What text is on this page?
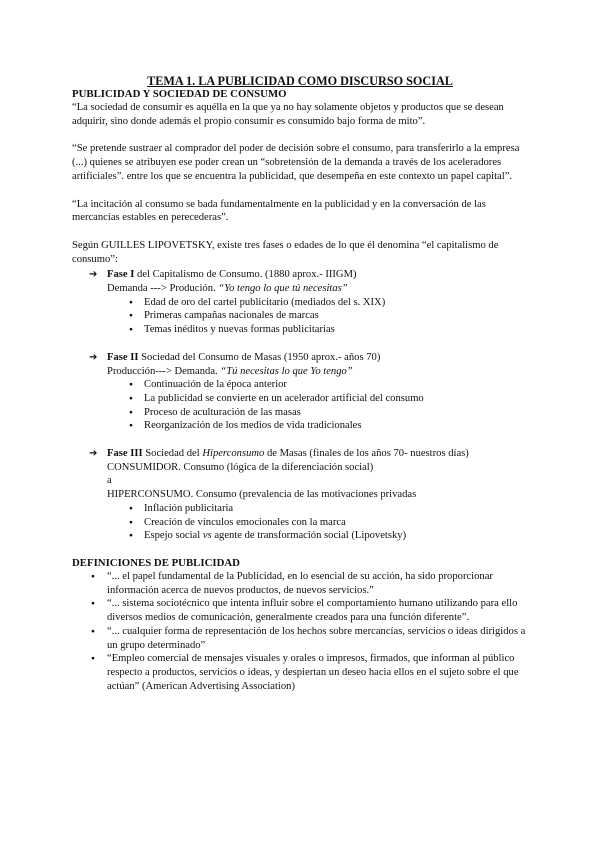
TEMA 1. LA PUBLICIDAD COMO DISCURSO SOCIAL

PUBLICIDAD Y SOCIEDAD DE CONSUMO

“La sociedad de consumir es aquélla en la que ya no hay solamente objetos y productos que se desean adquirir, sino donde además el propio consumir es consumido bajo forma de mito”.

“Se pretende sustraer al comprador del poder de decisión sobre el consumo, para transferirlo a la empresa (...) quienes se atribuyen ese poder crean un “sobretensión de la demanda a través de los aceleradores artificiales”. entre los que se encuentra la publicidad, que desempeña en este contexto un papel capital”.

“La incitación al consumo se bada fundamentalmente en la publicidad y en la conversación de las mercancías estables en perecederas”.

Según GUILLES LIPOVETSKY, existe tres fases o edades de lo que él denomina “el capitalismo de consumo”:

➔ Fase I del Capitalismo de Consumo. (1880 aprox.- IIIGM)

Demanda ---> Produción. “Yo tengo lo que tú necesitas”

● Edad de oro del cartel publicitario (mediados del s. XIX)
● Primeras campañas nacionales de marcas
● Temas inéditos y nuevas formas publicitarias

➔ Fase II Sociedad del Consumo de Masas (1950 aprox.- años 70)

Producción---> Demanda. “Tú necesitas lo que Yo tengo”

● Continuación de la época anterior
● La publicidad se convierte en un acelerador artificial del consumo
● Proceso de aculturación de las masas
● Reorganización de los medios de vida tradicionales

➔ Fase III Sociedad del Hiperconsumo de Masas (finales de los años 70- nuestros días)

CONSUMIDOR. Consumo (lógica de la diferenciación social)

a

HIPERCONSUMO. Consumo (prevalencia de las motivaciones privadas

● Inflación publicitaria
● Creación de vínculos emocionales con la marca
● Espejo social vs agente de transformación social (Lipovetsky)

DEFINICIONES DE PUBLICIDAD

● “... el papel fundamental de la Publicidad, en lo esencial de su acción, ha sido proporcionar información acerca de nuevos productos, de nuevos servicios.”
● “... sistema sociotécnico que intenta influir sobre el comportamiento humano utilizando para ello diversos medios de comunicación, generalmente creados para una función diferente”.
● “... cualquier forma de representación de los hechos sobre mercancías, servicios o ideas dirigidos a un grupo determinado”
● “Empleo comercial de mensajes visuales y orales o impresos, firmados, que informan al público respecto a productos, servicios o ideas, y despiertan un deseo hacia ellos en el sujeto sobre el que actúan” (American Advertising Association)
